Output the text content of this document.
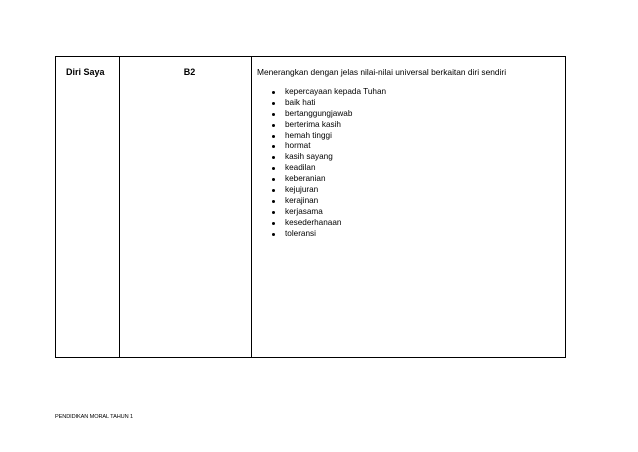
Diri Saya	B2	Menerangkan dengan jelas nilai-nilai universal berkaitan diri sendiri
kepercayaan kepada Tuhan
baik hati
bertanggungjawab
berterima kasih
hemah tinggi
hormat
kasih sayang
keadilan
keberanian
kejujuran
kerajinan
kerjasama
kesederhanaan
toleransi
PENDIDIKAN MORAL TAHUN 1
